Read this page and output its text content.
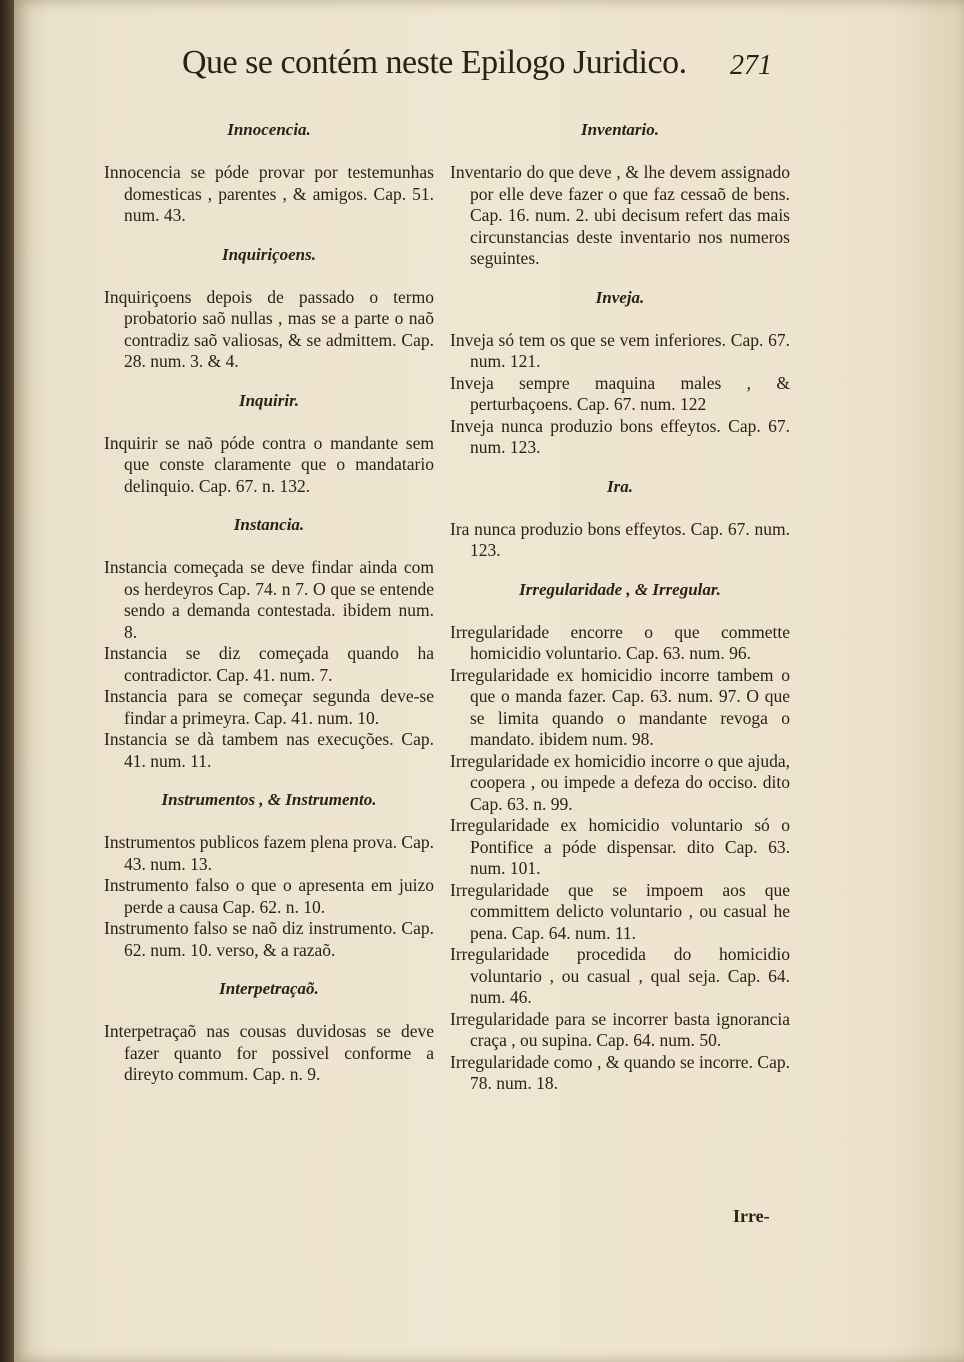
Que se contém neste Epilogo Juridico.	271
Innocencia.

Innocencia se póde provar por testemunhas domesticas , parentes , & amigos. Cap. 51. num. 43.

Inquiriçoens.

Inquiriçoens depois de passado o termo probatorio saõ nullas , mas se a parte o naõ contradiz saõ valiosas, & se admittem. Cap. 28. num. 3. & 4.

Inquirir.

Inquirir se naõ póde contra o mandante sem que conste claramente que o mandatario delinquio. Cap. 67. n. 132.

Instancia.

Instancia começada se deve findar ainda com os herdeyros Cap. 74. n 7. O que se entende sendo a demanda contestada. ibidem num. 8.

Instancia se diz começada quando ha contradictor. Cap. 41. num. 7.

Instancia para se começar segunda deve-se findar a primeyra. Cap. 41. num. 10.

Instancia se dà tambem nas execuções. Cap. 41. num. 11.

Instrumentos , & Instrumento.

Instrumentos publicos fazem plena prova. Cap. 43. num. 13.

Instrumento falso o que o apresenta em juizo perde a causa Cap. 62. n. 10.

Instrumento falso se naõ diz instrumento. Cap. 62. num. 10. verso, & a razaõ.

Interpetraçaõ.

Interpetraçaõ nas cousas duvidosas se deve fazer quanto for possivel conforme a direyto commum. Cap. n. 9.

Inventario.

Inventario do que deve , & lhe devem assignado por elle deve fazer o que faz cessaõ de bens. Cap. 16. num. 2. ubi decisum refert das mais circunstancias deste inventario nos numeros seguintes.

Inveja.

Inveja só tem os que se vem inferiores. Cap. 67. num. 121.

Inveja sempre maquina males , & perturbaçoens. Cap. 67. num. 122

Inveja nunca produzio bons effeytos. Cap. 67. num. 123.

Ira.

Ira nunca produzio bons effeytos. Cap. 67. num. 123.

Irregularidade , & Irregular.

Irregularidade encorre o que commette homicidio voluntario. Cap. 63. num. 96.

Irregularidade ex homicidio incorre tambem o que o manda fazer. Cap. 63. num. 97. O que se limita quando o mandante revoga o mandato. ibidem num. 98.

Irregularidade ex homicidio incorre o que ajuda, coopera , ou impede a defeza do occiso. dito Cap. 63. n. 99.

Irregularidade ex homicidio voluntario só o Pontifice a póde dispensar. dito Cap. 63. num. 101.

Irregularidade que se impoem aos que committem delicto voluntario , ou casual he pena. Cap. 64. num. 11.

Irregularidade procedida do homicidio voluntario , ou casual , qual seja. Cap. 64. num. 46.

Irregularidade para se incorrer basta ignorancia craça , ou supina. Cap. 64. num. 50.

Irregularidade como , & quando se incorre. Cap. 78. num. 18.

Irre-
